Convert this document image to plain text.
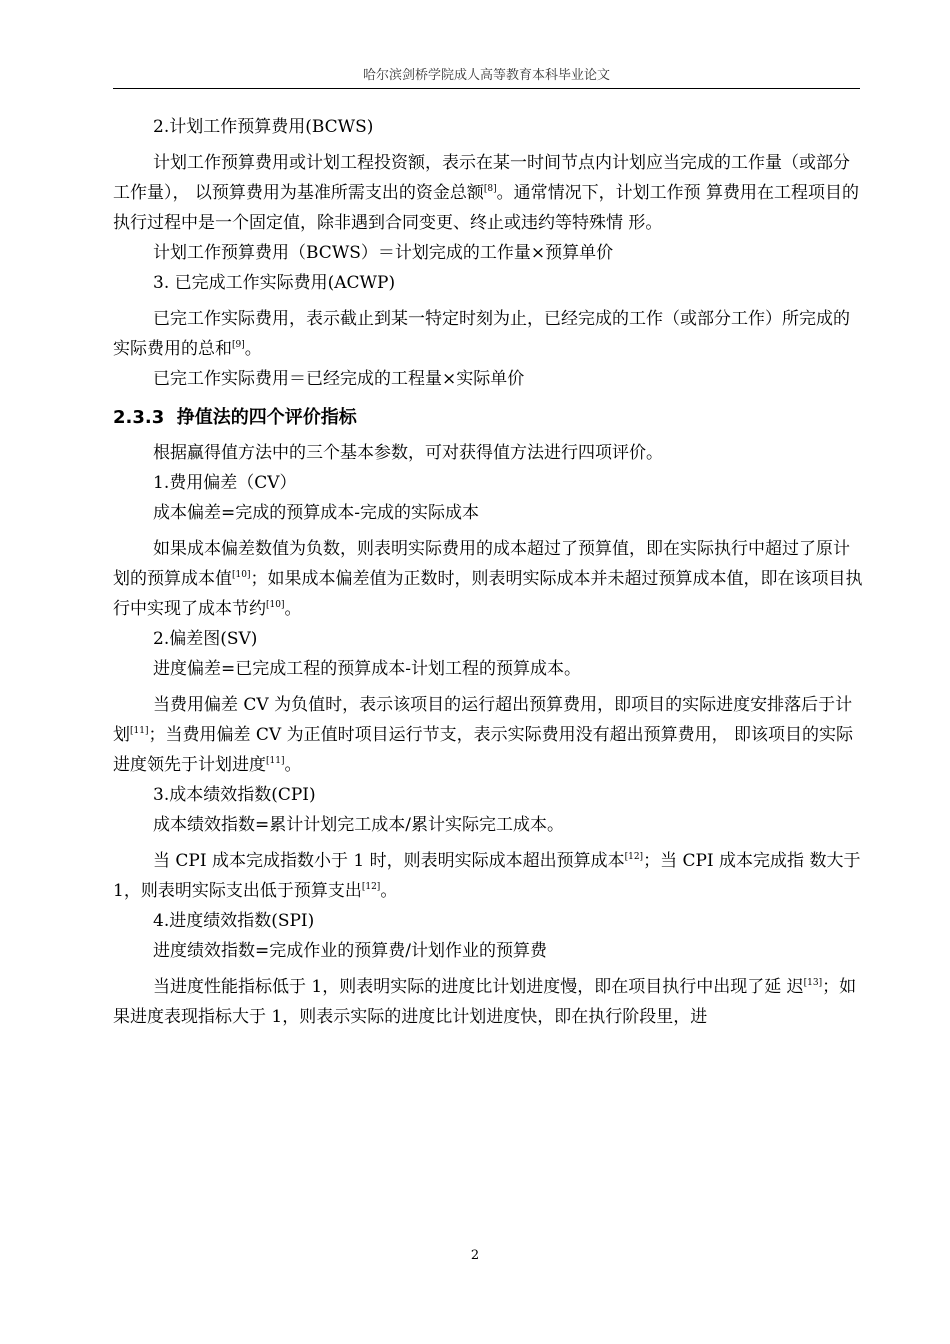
哈尔滨剑桥学院成人高等教育本科毕业论文

2.计划工作预算费用(BCWS)

计划工作预算费用或计划工程投资额，表示在某一时间节点内计划应当完成的工作量（或部分工作量）， 以预算费用为基准所需支出的资金总额[8]。通常情况下，计划工作预 算费用在工程项目的执行过程中是一个固定值，除非遇到合同变更、终止或违约等特殊情 形。

计划工作预算费用（BCWS）＝计划完成的工作量×预算单价

3. 已完成工作实际费用(ACWP)

已完工作实际费用，表示截止到某一特定时刻为止，已经完成的工作（或部分工作）所完成的实际费用的总和[9]。

已完工作实际费用＝已经完成的工程量×实际单价

2.3.3 挣值法的四个评价指标

根据赢得值方法中的三个基本参数，可对获得值方法进行四项评价。

1.费用偏差（CV）

成本偏差=完成的预算成本-完成的实际成本

如果成本偏差数值为负数，则表明实际费用的成本超过了预算值，即在实际执行中超过了原计划的预算成本值[10]；如果成本偏差值为正数时，则表明实际成本并未超过预算成本值，即在该项目执行中实现了成本节约[10]。

2.偏差图(SV)

进度偏差=已完成工程的预算成本-计划工程的预算成本。

当费用偏差 CV 为负值时，表示该项目的运行超出预算费用，即项目的实际进度安排落后于计划[11]；当费用偏差 CV 为正值时项目运行节支，表示实际费用没有超出预算费用， 即该项目的实际进度领先于计划进度[11]。

3.成本绩效指数(CPI)

成本绩效指数=累计计划完工成本/累计实际完工成本。

当 CPI 成本完成指数小于 1 时，则表明实际成本超出预算成本[12]；当 CPI 成本完成指 数大于 1，则表明实际支出低于预算支出[12]。

4.进度绩效指数(SPI)

进度绩效指数=完成作业的预算费/计划作业的预算费

当进度性能指标低于 1，则表明实际的进度比计划进度慢，即在项目执行中出现了延 迟[13]；如果进度表现指标大于 1，则表示实际的进度比计划进度快，即在执行阶段里，进

2
